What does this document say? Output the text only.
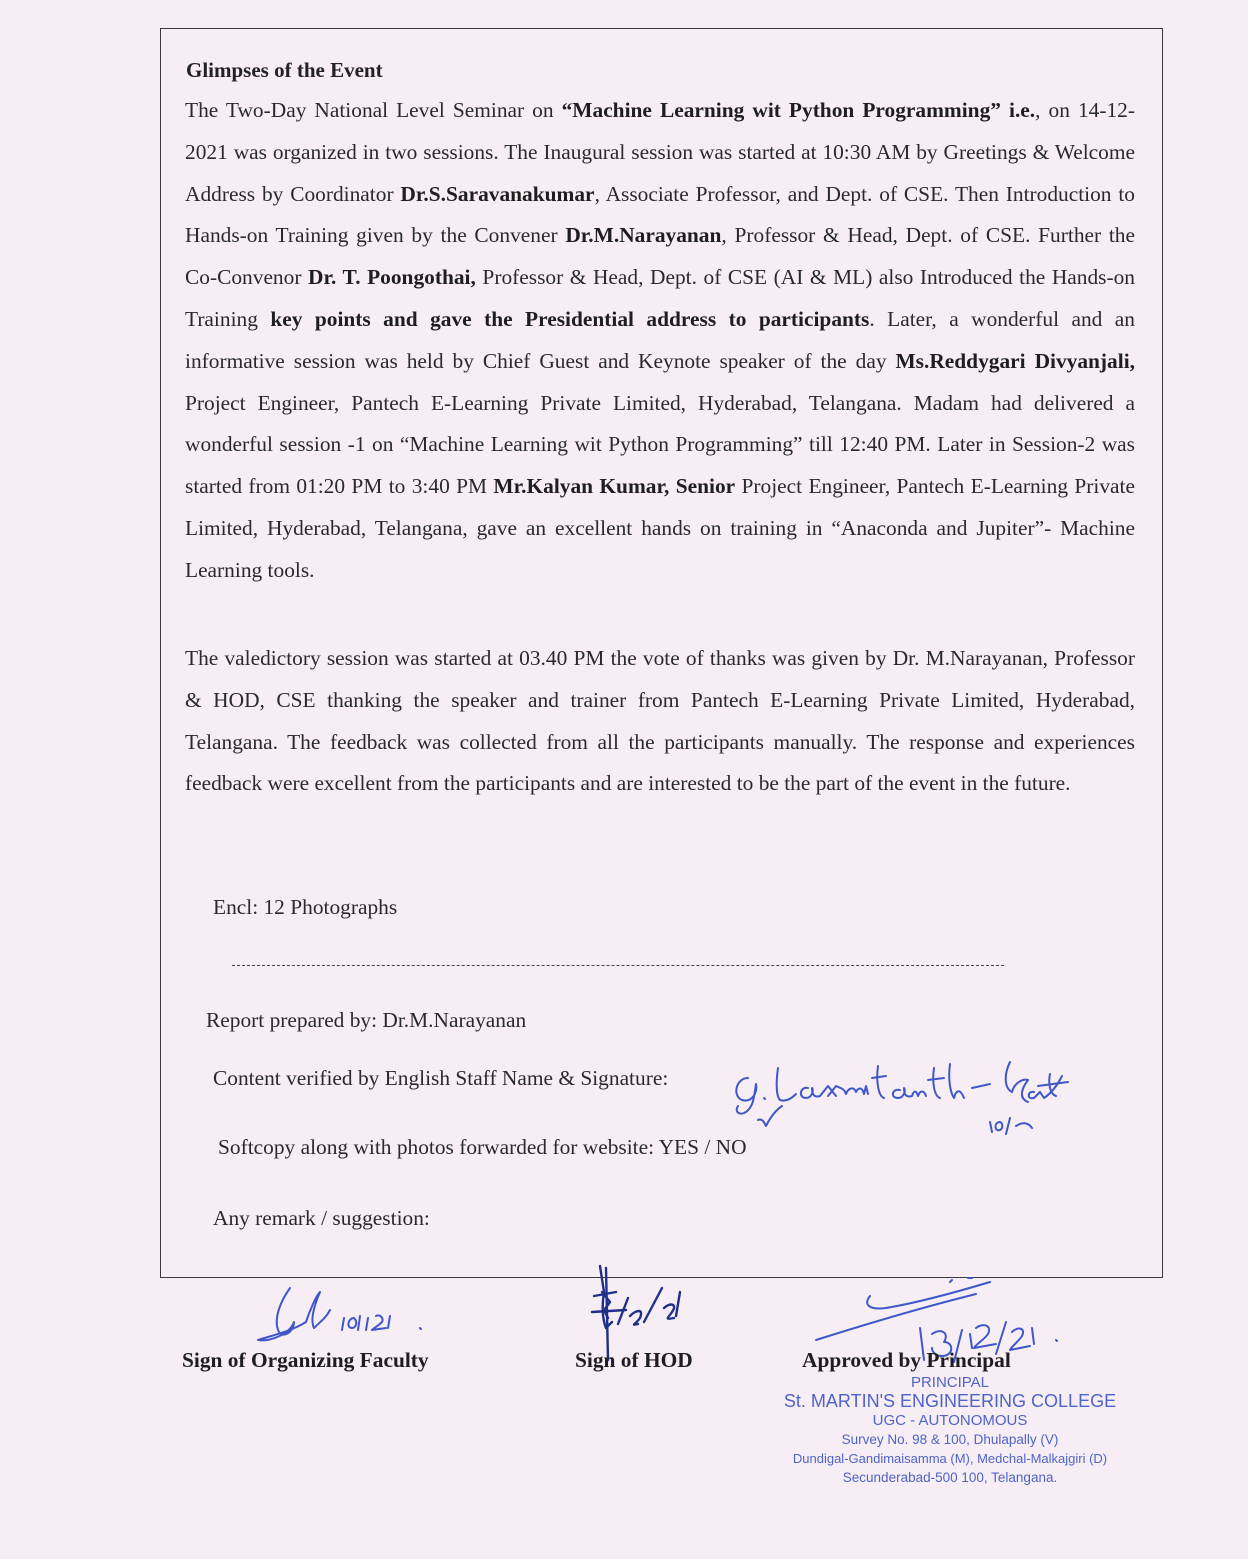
Glimpses of the Event
The Two-Day National Level Seminar on “Machine Learning wit Python Programming” i.e., on 14-12-2021 was organized in two sessions. The Inaugural session was started at 10:30 AM by Greetings & Welcome Address by Coordinator Dr.S.Saravanakumar, Associate Professor, and Dept. of CSE. Then Introduction to Hands-on Training given by the Convener Dr.M.Narayanan, Professor & Head, Dept. of CSE. Further the Co-Convenor Dr. T. Poongothai, Professor & Head, Dept. of CSE (AI & ML) also Introduced the Hands-on Training key points and gave the Presidential address to participants. Later, a wonderful and an informative session was held by Chief Guest and Keynote speaker of the day Ms.Reddygari Divyanjali, Project Engineer, Pantech E-Learning Private Limited, Hyderabad, Telangana. Madam had delivered a wonderful session -1 on “Machine Learning wit Python Programming” till 12:40 PM. Later in Session-2 was started from 01:20 PM to 3:40 PM Mr.Kalyan Kumar, Senior Project Engineer, Pantech E-Learning Private Limited, Hyderabad, Telangana, gave an excellent hands on training in “Anaconda and Jupiter”- Machine Learning tools.
The valedictory session was started at 03.40 PM the vote of thanks was given by Dr. M.Narayanan, Professor & HOD, CSE thanking the speaker and trainer from Pantech E-Learning Private Limited, Hyderabad, Telangana. The feedback was collected from all the participants manually. The response and experiences feedback were excellent from the participants and are interested to be the part of the event in the future.
Encl: 12 Photographs
Report prepared by: Dr.M.Narayanan
Content verified by English Staff Name & Signature:
Softcopy along with photos forwarded for website: YES / NO
Any remark / suggestion:
Sign of Organizing Faculty	Sign of HOD	Approved by Principal
PRINCIPAL
St. MARTIN'S ENGINEERING COLLEGE
UGC - AUTONOMOUS
Survey No. 98 & 100, Dhulapally (V)
Dundigal-Gandimaisamma (M), Medchal-Malkajgiri (D)
Secunderabad-500 100, Telangana.
